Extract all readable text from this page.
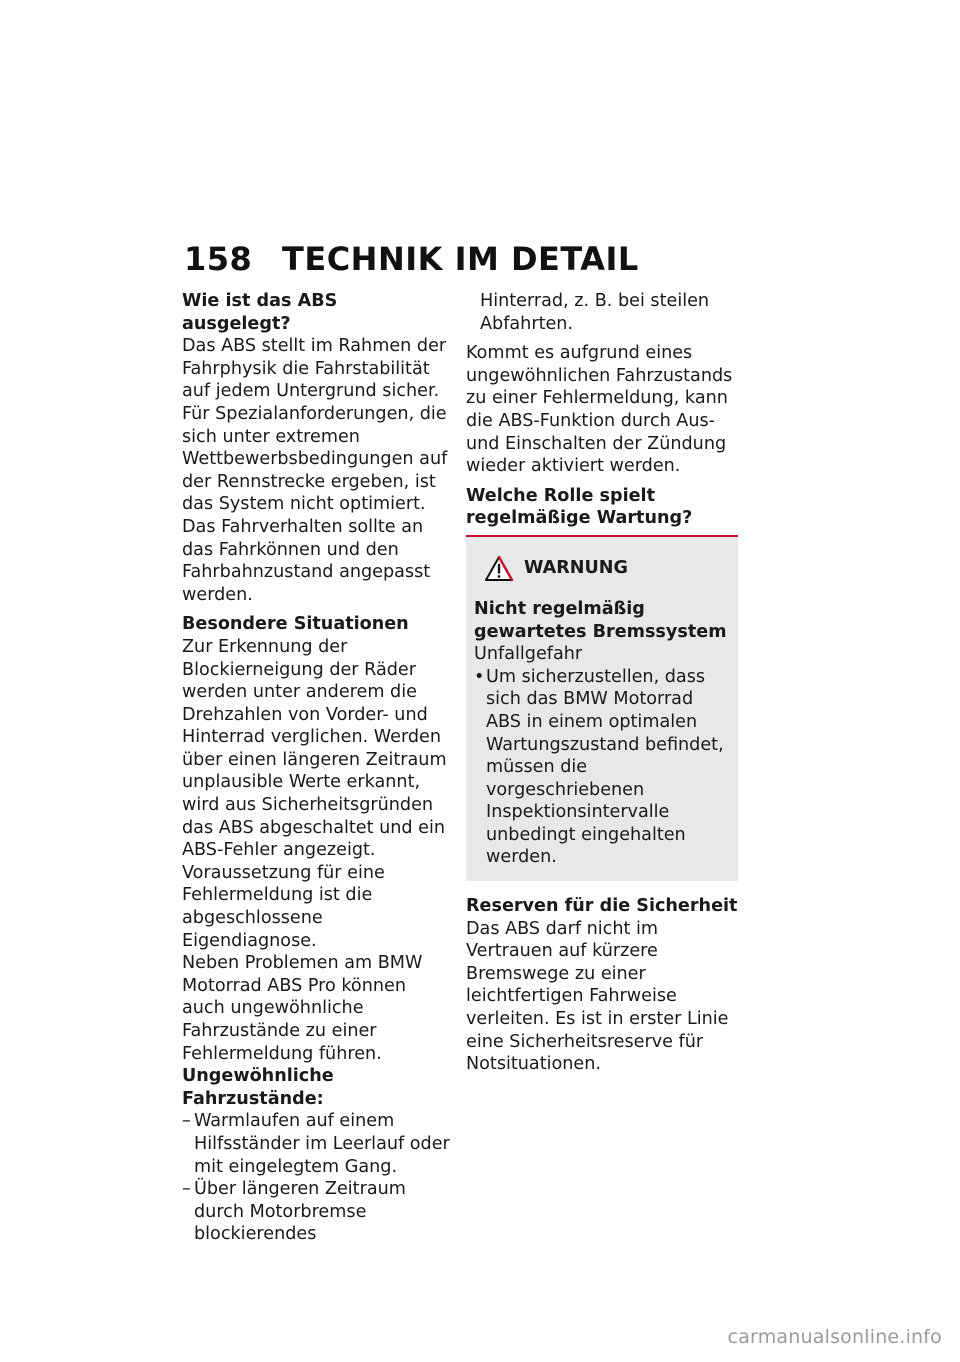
158 TECHNIK IM DETAIL

Wie ist das ABS ausgelegt?

Das ABS stellt im Rahmen der Fahrphysik die Fahrstabilität auf jedem Untergrund sicher. Für Spezialanforderungen, die sich unter extremen Wettbewerbsbedingungen auf der Rennstrecke ergeben, ist das System nicht optimiert. Das Fahrverhalten sollte an das Fahrkönnen und den Fahrbahnzustand angepasst werden.

Besondere Situationen

Zur Erkennung der Blockierneigung der Räder werden unter anderem die Drehzahlen von Vorder- und Hinterrad verglichen. Werden über einen längeren Zeitraum unplausible Werte erkannt, wird aus Sicherheitsgründen das ABS abgeschaltet und ein ABS-Fehler angezeigt. Voraussetzung für eine Fehlermeldung ist die abgeschlossene Eigendiagnose.

Neben Problemen am BMW Motorrad ABS Pro können auch ungewöhnliche Fahrzustände zu einer Fehlermeldung führen.

Ungewöhnliche Fahrzustände:

– Warmlaufen auf einem Hilfsständer im Leerlauf oder mit eingelegtem Gang.
– Über längeren Zeitraum durch Motorbremse blockierendes

Hinterrad, z. B. bei steilen Abfahrten.

Kommt es aufgrund eines ungewöhnlichen Fahrzustands zu einer Fehlermeldung, kann die ABS-Funktion durch Aus- und Einschalten der Zündung wieder aktiviert werden.

Welche Rolle spielt regelmäßige Wartung?

WARNUNG

Nicht regelmäßig gewartetes Bremssystem

Unfallgefahr

• Um sicherzustellen, dass sich das BMW Motorrad ABS in einem optimalen Wartungszustand befindet, müssen die vorgeschriebenen Inspektionsintervalle unbedingt eingehalten werden.

Reserven für die Sicherheit

Das ABS darf nicht im Vertrauen auf kürzere Bremswege zu einer leichtfertigen Fahrweise verleiten. Es ist in erster Linie eine Sicherheitsreserve für Notsituationen.

carmanualsonline.info
